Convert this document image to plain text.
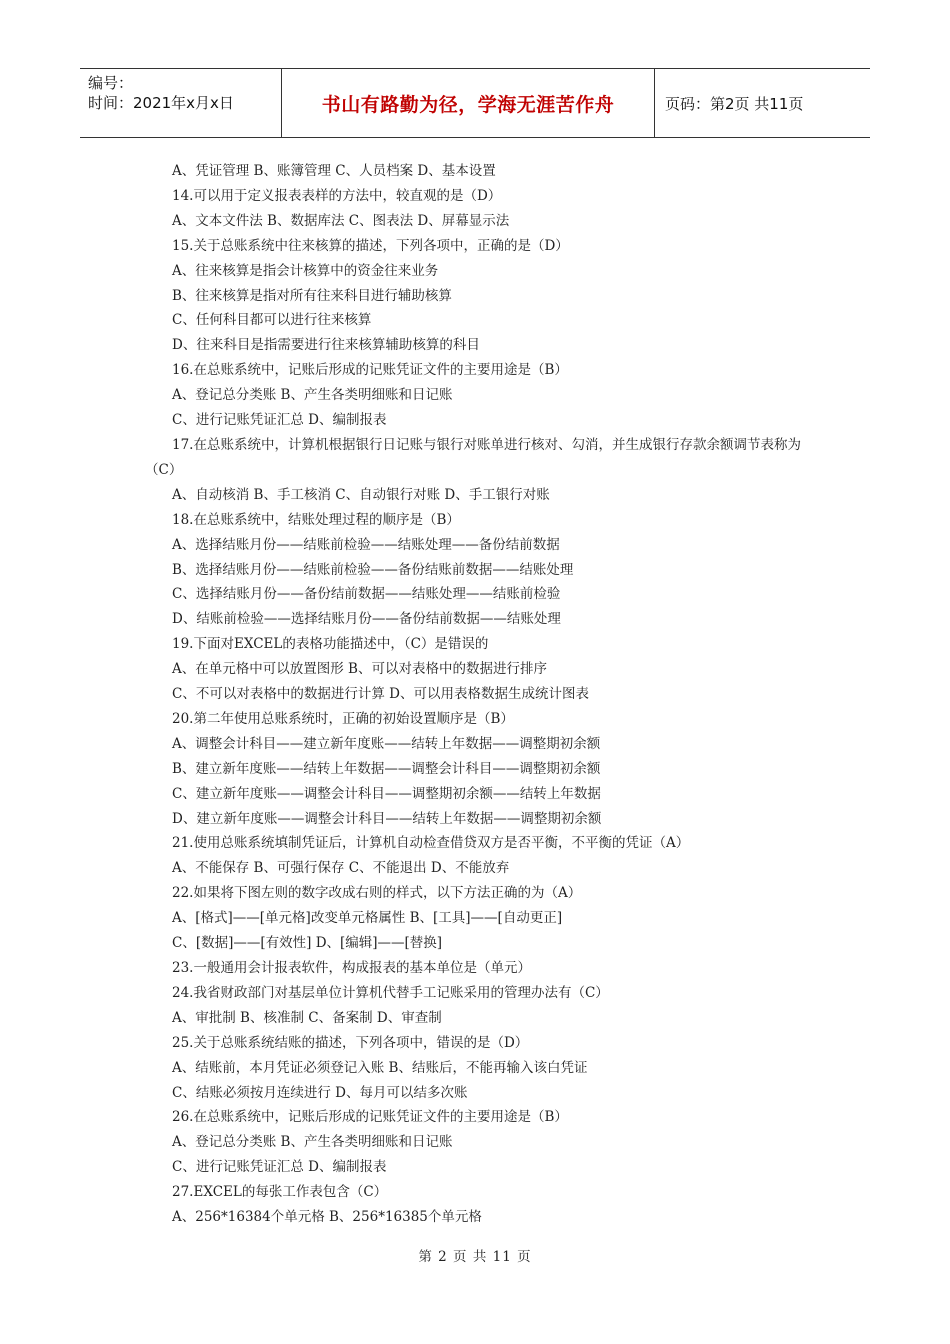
编号：
时间：2021年x月x日	书山有路勤为径，学海无涯苦作舟	页码：第2页 共11页

A、凭证管理 B、账簿管理 C、人员档案 D、基本设置

14.可以用于定义报表表样的方法中，较直观的是（D）

A、文本文件法 B、数据库法 C、图表法 D、屏幕显示法

15.关于总账系统中往来核算的描述，下列各项中，正确的是（D）

A、往来核算是指会计核算中的资金往来业务

B、往来核算是指对所有往来科目进行辅助核算

C、任何科目都可以进行往来核算

D、往来科目是指需要进行往来核算辅助核算的科目

16.在总账系统中，记账后形成的记账凭证文件的主要用途是（B）

A、登记总分类账 B、产生各类明细账和日记账

C、进行记账凭证汇总 D、编制报表

17.在总账系统中，计算机根据银行日记账与银行对账单进行核对、勾消，并生成银行存款余额调节表称为（C）

A、自动核消 B、手工核消 C、自动银行对账 D、手工银行对账

18.在总账系统中，结账处理过程的顺序是（B）

A、选择结账月份——结账前检验——结账处理——备份结前数据

B、选择结账月份——结账前检验——备份结账前数据——结账处理

C、选择结账月份——备份结前数据——结账处理——结账前检验

D、结账前检验——选择结账月份——备份结前数据——结账处理

19.下面对EXCEL的表格功能描述中，（C）是错误的

A、在单元格中可以放置图形 B、可以对表格中的数据进行排序

C、不可以对表格中的数据进行计算 D、可以用表格数据生成统计图表

20.第二年使用总账系统时，正确的初始设置顺序是（B）

A、调整会计科目——建立新年度账——结转上年数据——调整期初余额

B、建立新年度账——结转上年数据——调整会计科目——调整期初余额

C、建立新年度账——调整会计科目——调整期初余额——结转上年数据

D、建立新年度账——调整会计科目——结转上年数据——调整期初余额

21.使用总账系统填制凭证后，计算机自动检查借贷双方是否平衡，不平衡的凭证（A）

A、不能保存 B、可强行保存 C、不能退出 D、不能放弃

22.如果将下图左则的数字改成右则的样式，以下方法正确的为（A）

A、[格式]——[单元格]改变单元格属性 B、[工具]——[自动更正]

C、[数据]——[有效性] D、[编辑]——[替换]

23.一般通用会计报表软件，构成报表的基本单位是（单元）

24.我省财政部门对基层单位计算机代替手工记账采用的管理办法有（C）

A、审批制 B、核准制 C、备案制 D、审查制

25.关于总账系统结账的描述，下列各项中，错误的是（D）

A、结账前，本月凭证必须登记入账 B、结账后，不能再输入该白凭证

C、结账必须按月连续进行 D、每月可以结多次账

26.在总账系统中，记账后形成的记账凭证文件的主要用途是（B）

A、登记总分类账 B、产生各类明细账和日记账

C、进行记账凭证汇总 D、编制报表

27.EXCEL的每张工作表包含（C）

A、256*16384个单元格 B、256*16385个单元格

第 2 页 共 11 页
